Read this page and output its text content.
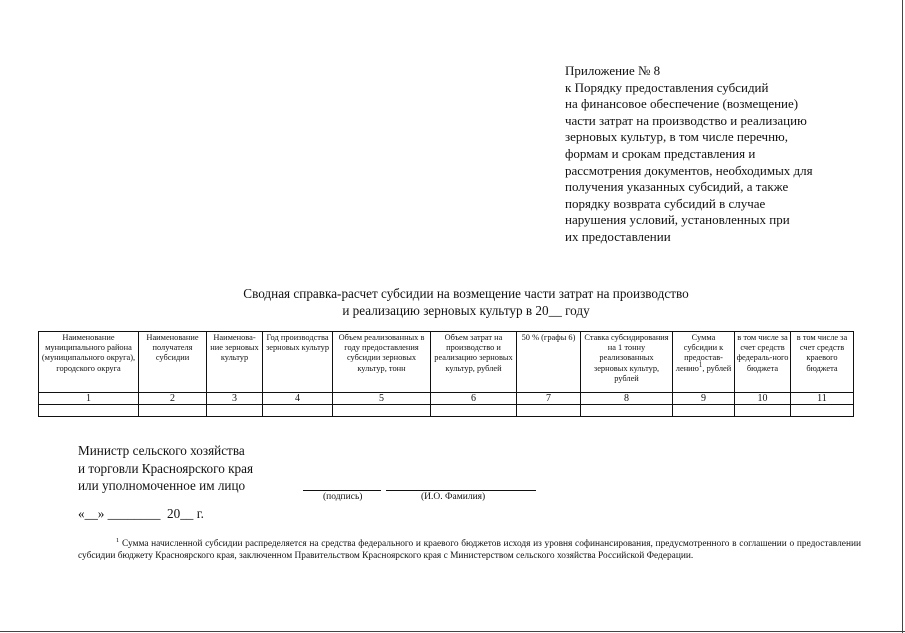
Приложение № 8
к Порядку предоставления субсидий
на финансовое обеспечение (возмещение)
части затрат на производство и реализацию
зерновых культур, в том числе перечню,
формам и срокам представления и
рассмотрения документов, необходимых для
получения указанных субсидий, а также
порядку возврата субсидий в случае
нарушения условий, установленных при
их предоставлении
Сводная справка-расчет субсидии на возмещение части затрат на производство
и реализацию зерновых культур в 20__ году
Наименование муниципального района (муниципального округа), городского округа	Наименование получателя субсидии	Наименова-ние зерновых культур	Год производства зерновых культур	Объем реализованных в году предоставления субсидии зерновых культур, тонн	Объем затрат на производство и реализацию зерновых культур, рублей	50 % (графы 6)	Ставка субсидирования на 1 тонну реализованных зерновых культур, рублей	Сумма субсидии к предостав-лению$^1$, рублей	в том числе за счет средств федераль-ного бюджета	в том числе за счет средств краевого бюджета
1	2	3	4	5	6	7	8	9	10	11

Министр сельского хозяйства
и торговли Красноярского края
или уполномоченное им лицо
(подпись)	(И.О. Фамилия)
«__» ________ 20__ г.
$^1$ Сумма начисленной субсидии распределяется на средства федерального и краевого бюджетов исходя из уровня софинансирования, предусмотренного в соглашении о предоставлении субсидии бюджету Красноярского края, заключенном Правительством Красноярского края с Министерством сельского хозяйства Российской Федерации.
